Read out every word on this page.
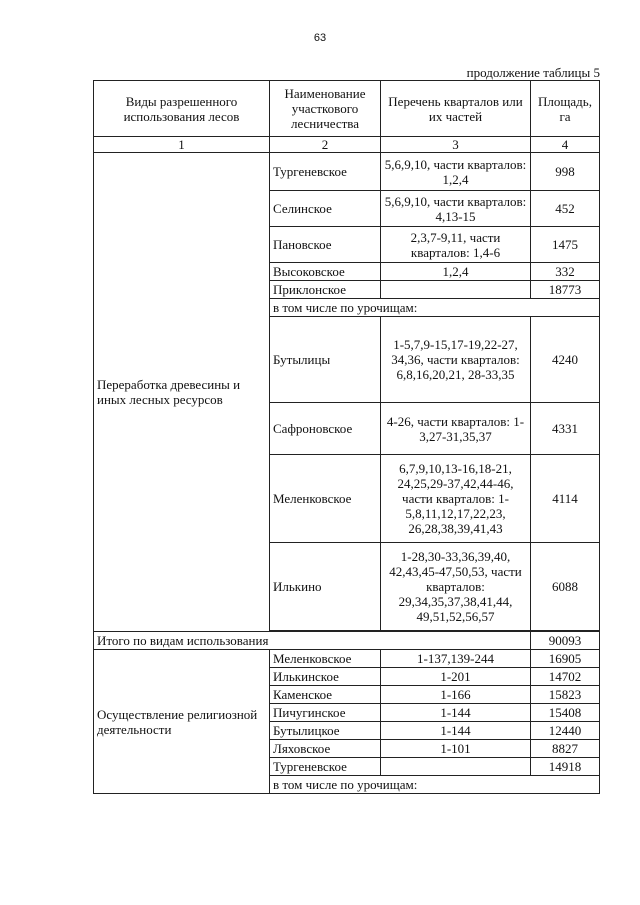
63
продолжение таблицы 5
Виды разрешенного использования лесов	Наименование участкового лесничества	Перечень кварталов или их частей	Площадь, га
1	2	3	4
Переработка древесины и иных лесных ресурсов	Тургеневское	5,6,9,10, части кварталов: 1,2,4	998
	Селинское	5,6,9,10, части кварталов: 4,13-15	452
	Пановское	2,3,7-9,11, части кварталов: 1,4-6	1475
	Высоковское	1,2,4	332
	Приклонское		18773
	в том числе по урочищам:		
	Бутылицы	1-5,7,9-15,17-19,22-27, 34,36, части кварталов: 6,8,16,20,21, 28-33,35	4240
	Сафроновское	4-26, части кварталов: 1-3,27-31,35,37	4331
	Меленковское	6,7,9,10,13-16,18-21, 24,25,29-37,42,44-46, части кварталов: 1-5,8,11,12,17,22,23, 26,28,38,39,41,43	4114
	Илькино	1-28,30-33,36,39,40, 42,43,45-47,50,53, части кварталов: 29,34,35,37,38,41,44, 49,51,52,56,57	6088

Итого по видам использования			90093
Осуществление религиозной деятельности	Меленковское	1-137,139-244	16905
	Илькинское	1-201	14702
	Каменское	1-166	15823
	Пичугинское	1-144	15408
	Бутылицкое	1-144	12440
	Ляховское	1-101	8827
	Тургеневское		14918
	в том числе по урочищам:		
